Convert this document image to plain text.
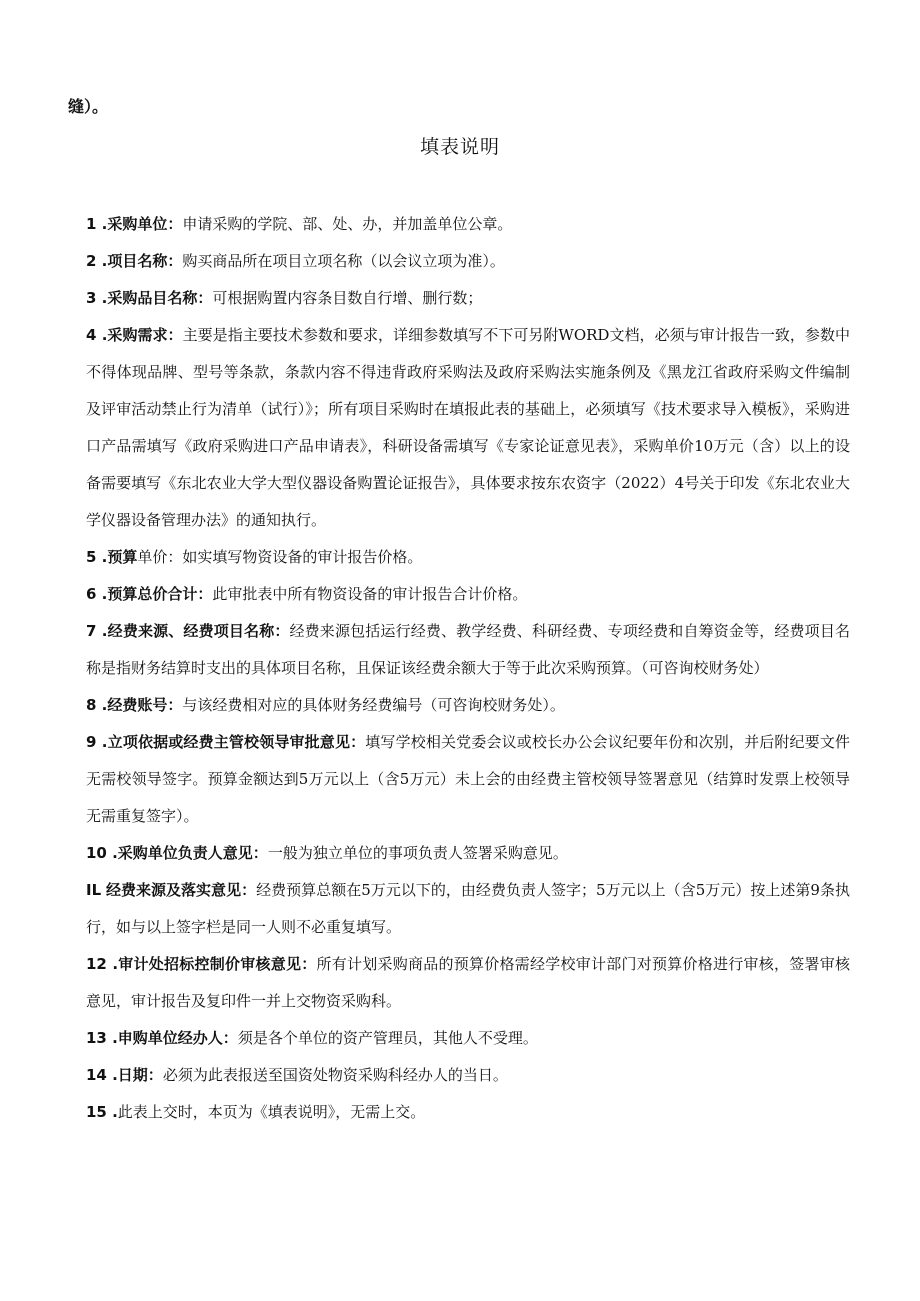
缝）。
填表说明

1 .采购单位：申请采购的学院、部、处、办，并加盖单位公章。

2 .项目名称：购买商品所在项目立项名称（以会议立项为准）。

3 .采购品目名称：可根据购置内容条目数自行增、删行数；

4 .采购需求：主要是指主要技术参数和要求，详细参数填写不下可另附WORD文档，必须与审计报告一致，参数中不得体现品牌、型号等条款，条款内容不得违背政府采购法及政府采购法实施条例及《黑龙江省政府采购文件编制及评审活动禁止行为清单（试行）》；所有项目采购时在填报此表的基础上，必须填写《技术要求导入模板》，采购进口产品需填写《政府采购进口产品申请表》，科研设备需填写《专家论证意见表》，采购单价10万元（含）以上的设备需要填写《东北农业大学大型仪器设备购置论证报告》，具体要求按东农资字（2022）4号关于印发《东北农业大学仪器设备管理办法》的通知执行。

5 .预算单价：如实填写物资设备的审计报告价格。

6 .预算总价合计：此审批表中所有物资设备的审计报告合计价格。

7 .经费来源、经费项目名称：经费来源包括运行经费、教学经费、科研经费、专项经费和自筹资金等，经费项目名称是指财务结算时支出的具体项目名称，且保证该经费余额大于等于此次采购预算。（可咨询校财务处）

8 .经费账号：与该经费相对应的具体财务经费编号（可咨询校财务处）。

9 .立项依据或经费主管校领导审批意见：填写学校相关党委会议或校长办公会议纪要年份和次别，并后附纪要文件无需校领导签字。预算金额达到5万元以上（含5万元）未上会的由经费主管校领导签署意见（结算时发票上校领导无需重复签字）。

10 .采购单位负责人意见：一般为独立单位的事项负责人签署采购意见。

IL 经费来源及落实意见：经费预算总额在5万元以下的，由经费负责人签字；5万元以上（含5万元）按上述第9条执行，如与以上签字栏是同一人则不必重复填写。

12 .审计处招标控制价审核意见：所有计划采购商品的预算价格需经学校审计部门对预算价格进行审核，签署审核意见，审计报告及复印件一并上交物资采购科。

13 .申购单位经办人：须是各个单位的资产管理员，其他人不受理。

14 .日期：必须为此表报送至国资处物资采购科经办人的当日。

15 .此表上交时，本页为《填表说明》，无需上交。
